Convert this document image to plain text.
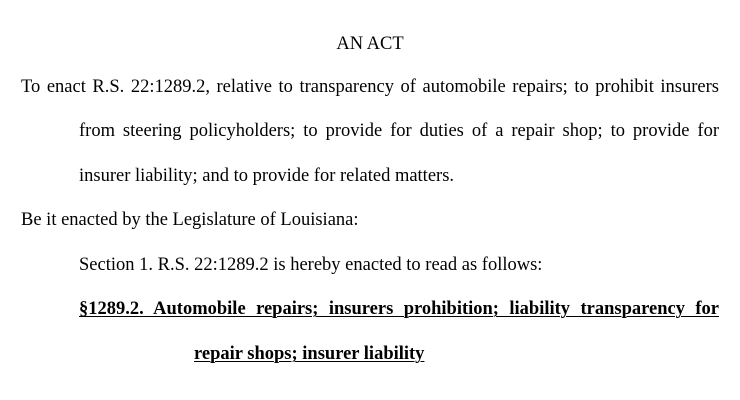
AN ACT
To enact R.S. 22:1289.2, relative to transparency of automobile repairs; to prohibit insurers
from steering policyholders; to provide for duties of a repair shop; to provide for
insurer liability; and to provide for related matters.
Be it enacted by the Legislature of Louisiana:
Section 1. R.S. 22:1289.2 is hereby enacted to read as follows:
§1289.2. Automobile repairs; insurers prohibition; liability transparency for
repair shops; insurer liability
